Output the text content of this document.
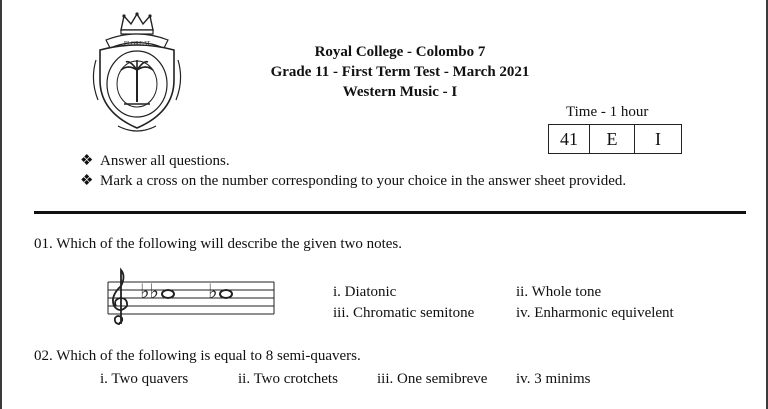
FLOREAT	Royal College - Colombo 7
Grade 11 - First Term Test - March 2021
Western Music - I
Time - 1 hour
41	E	I
❖ Answer all questions.
❖ Mark a cross on the number corresponding to your choice in the answer sheet provided.
01. Which of the following will describe the given two notes.
♭♭ ♭	i. Diatonic	ii. Whole tone
iii. Chromatic semitone	iv. Enharmonic equivelent
02. Which of the following is equal to 8 semi-quavers.
i. Two quavers	ii. Two crotchets	iii. One semibreve iv. 3 minims
